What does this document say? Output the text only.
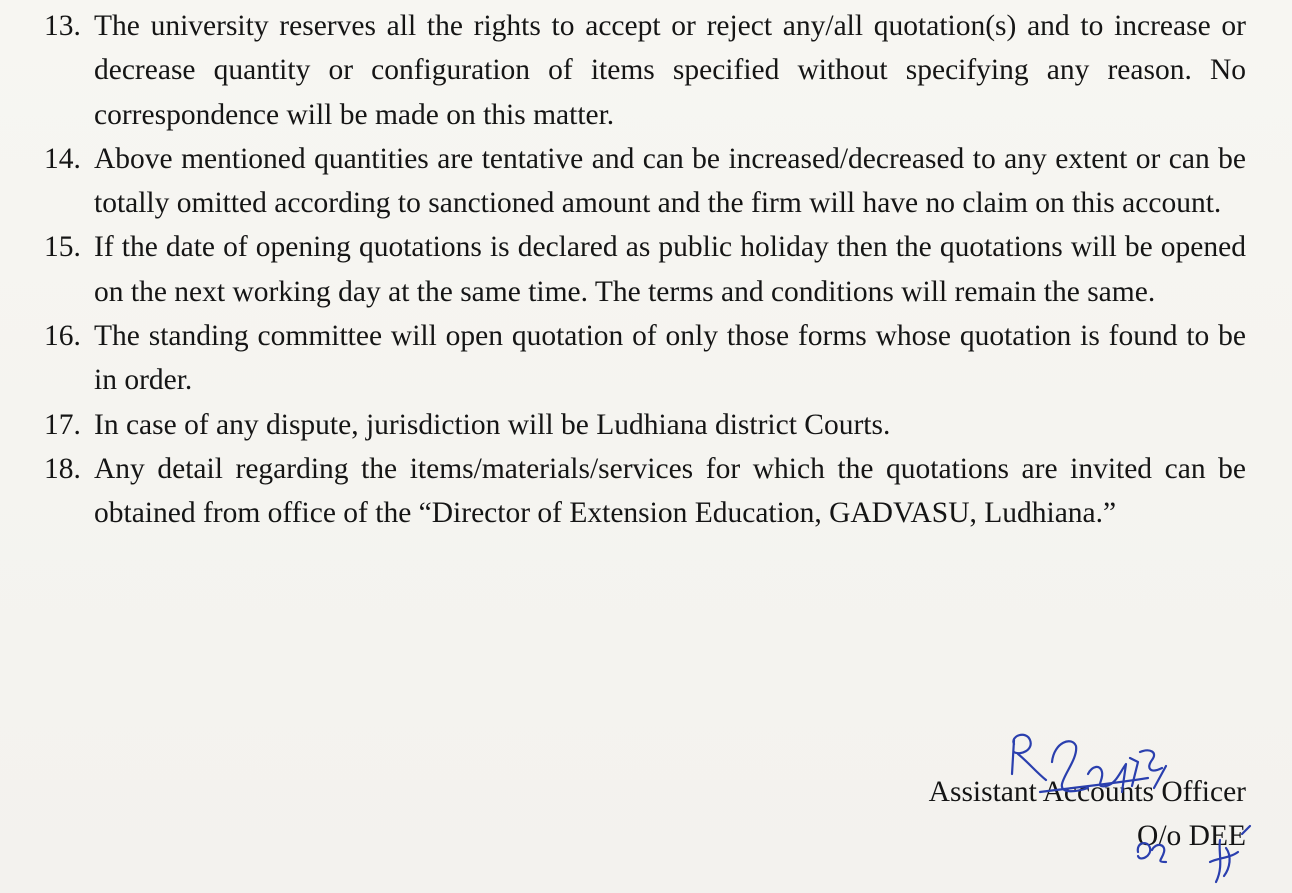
13. The university reserves all the rights to accept or reject any/all quotation(s) and to increase or decrease quantity or configuration of items specified without specifying any reason. No correspondence will be made on this matter.
14. Above mentioned quantities are tentative and can be increased/decreased to any extent or can be totally omitted according to sanctioned amount and the firm will have no claim on this account.
15. If the date of opening quotations is declared as public holiday then the quotations will be opened on the next working day at the same time. The terms and conditions will remain the same.
16. The standing committee will open quotation of only those forms whose quotation is found to be in order.
17. In case of any dispute, jurisdiction will be Ludhiana district Courts.
18. Any detail regarding the items/materials/services for which the quotations are invited can be obtained from office of the “Director of Extension Education, GADVASU, Ludhiana.”
Assistant Accounts Officer
O/o DEE
